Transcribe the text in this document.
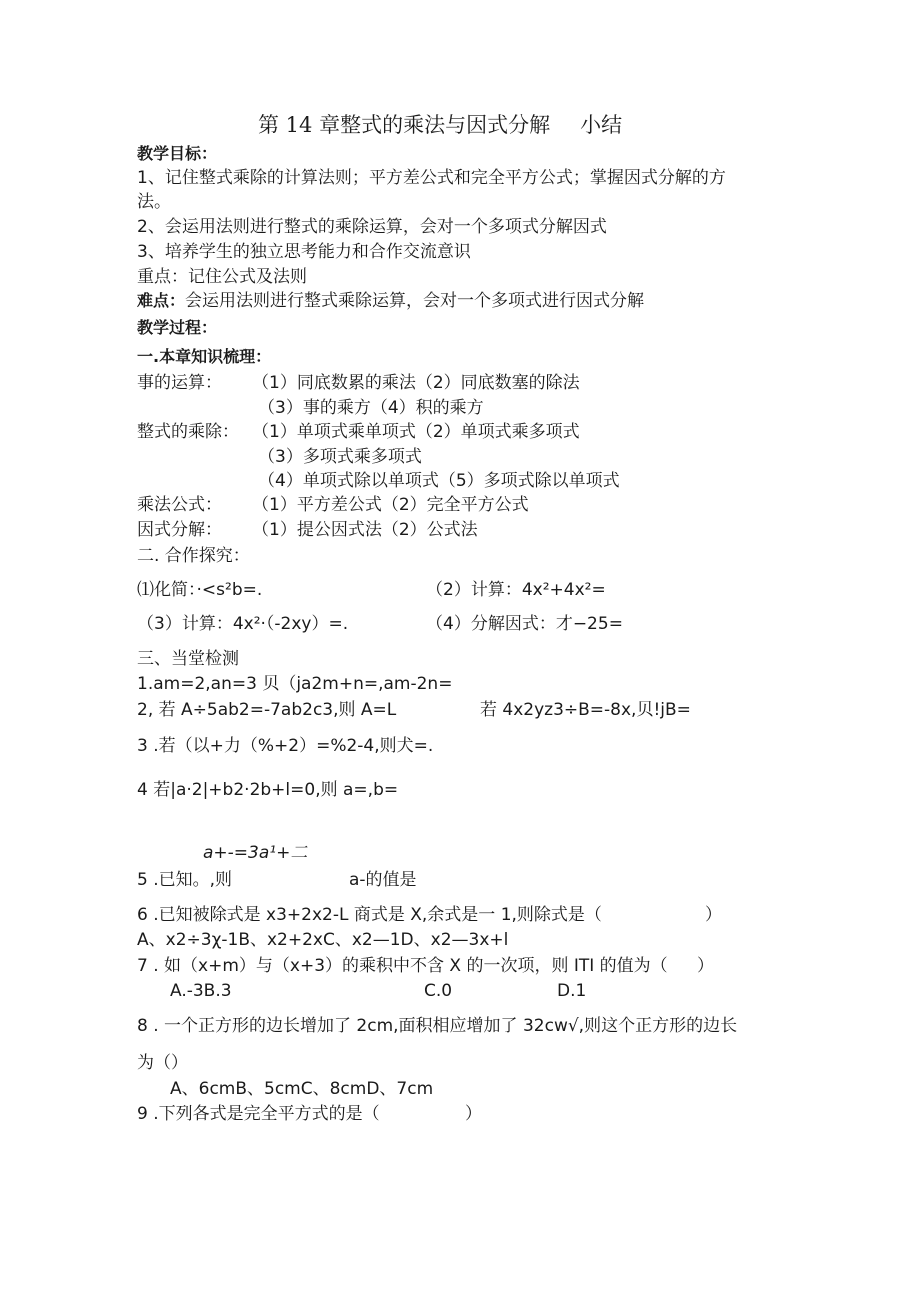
第 14 章整式的乘法与因式分解 小结
教学目标：
1、记住整式乘除的计算法则；平方差公式和完全平方公式；掌握因式分解的方
法。
2、会运用法则进行整式的乘除运算，会对一个多项式分解因式
3、培养学生的独立思考能力和合作交流意识
重点：记住公式及法则
难点：会运用法则进行整式乘除运算，会对一个多项式进行因式分解
教学过程：
一.本章知识梳理：
事的运算： （1）同底数累的乘法（2）同底数塞的除法
（3）事的乘方（4）积的乘方
整式的乘除： （1）单项式乘单项式（2）单项式乘多项式
（3）多项式乘多项式
（4）单项式除以单项式（5）多项式除以单项式
乘法公式： （1）平方差公式（2）完全平方公式
因式分解： （1）提公因式法（2）公式法
二. 合作探究：
⑴化简：·<s²b=.	（2）计算：4x²+4x²=
（3）计算：4x²·（-2xy）=.	（4）分解因式：才−25=
三、当堂检测
1.am=2,an=3 贝（ja2m+n=,am-2n=
2, 若 A÷5ab2=-7ab2c3,则 A=L	若 4x2yz3÷B=-8x,贝!jB=
3 .若（以+力（%+2）=%2-4,则犬=.
4 若|a·2|+b2·2b+l=0,则 a=,b=
a+-=3a¹+二
5 .已知。,则	a-的值是
6 .已知被除式是 x3+2x2-L 商式是 X,余式是一 1,则除式是（	）
A、x2÷3χ-1B、x2+2xC、x2—1D、x2—3x+l
7 . 如（x+m）与（x+3）的乘积中不含 X 的一次项，则 ITI 的值为（ ）
A.-3B.3	C.0	D.1
8 . 一个正方形的边长增加了 2cm,面积相应增加了 32cw√,则这个正方形的边长
为（）
A、6cmB、5cmC、8cmD、7cm
9 .下列各式是完全平方式的是（	）
